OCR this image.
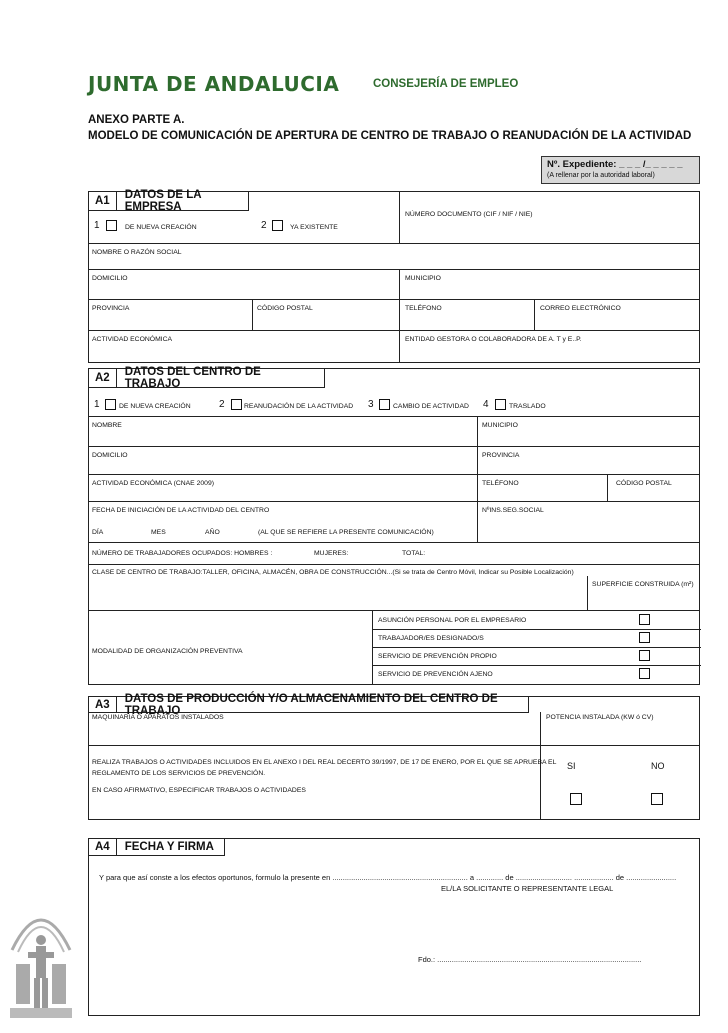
JUNTA DE ANDALUCIA	CONSEJERÍA DE EMPLEO
ANEXO PARTE A.
MODELO DE COMUNICACIÓN DE APERTURA DE CENTRO DE TRABAJO O REANUDACIÓN DE LA ACTIVIDAD
Nº. Expediente: _ _ _ /_ _ _ _ _
(A rellenar por la autoridad laboral)
A1	DATOS DE LA EMPRESA
1	DE NUEVA CREACIÓN	2	YA EXISTENTE
NÚMERO DOCUMENTO (CIF / NIF / NIE)
NOMBRE O RAZÓN SOCIAL
DOMICILIO	MUNICIPIO
PROVINCIA	CÓDIGO POSTAL	TELÉFONO	CORREO ELECTRÓNICO
ACTIVIDAD ECONÓMICA	ENTIDAD GESTORA O COLABORADORA DE A. T y E..P.
A2	DATOS DEL CENTRO DE TRABAJO
1	DE NUEVA CREACIÓN	2	REANUDACIÓN DE LA ACTIVIDAD 3	CAMBIO DE ACTIVIDAD 4	TRASLADO
NOMBRE	MUNICIPIO
DOMICILIO	PROVINCIA
ACTIVIDAD ECONÓMICA (CNAE 2009)	TELÉFONO	CÓDIGO POSTAL
FECHA DE INICIACIÓN DE LA ACTIVIDAD DEL CENTRO	NºINS.SEG.SOCIAL
DÍA	MES	AÑO	(AL QUE SE REFIERE LA PRESENTE COMUNICACIÓN)
NÚMERO DE TRABAJADORES OCUPADOS: HOMBRES :	MUJERES:	TOTAL:
CLASE DE CENTRO DE TRABAJO:TALLER, OFICINA, ALMACÉN, OBRA DE CONSTRUCCIÓN...(Si se trata de Centro Móvil, Indicar su Posible Localización)
SUPERFICIE CONSTRUIDA (m²)
MODALIDAD DE ORGANIZACIÓN PREVENTIVA
ASUNCIÓN PERSONAL POR EL EMPRESARIO
TRABAJADOR/ES DESIGNADO/S
SERVICIO DE PREVENCIÓN PROPIO
SERVICIO DE PREVENCIÓN AJENO
A3	DATOS DE PRODUCCIÓN Y/O ALMACENAMIENTO DEL CENTRO DE TRABAJO
MAQUINARIA O APARATOS INSTALADOS	POTENCIA INSTALADA (KW ó CV)
REALIZA TRABAJOS O ACTIVIDADES INCLUIDOS EN EL ANEXO I DEL REAL DECERTO 39/1997, DE 17 DE ENERO, POR EL QUE SE APRUEBA EL
REGLAMENTO DE LOS SERVICIOS DE PREVENCIÓN.
SI	NO
EN CASO AFIRMATIVO, ESPECIFICAR TRABAJOS O ACTIVIDADES
A4	FECHA Y FIRMA
Y para que así conste a los efectos oportunos, formulo la presente en ................................................................. a ............. de ........................... ................... de ........................
EL/LA SOLICITANTE O REPRESENTANTE LEGAL
Fdo.: ..................................................................................................
